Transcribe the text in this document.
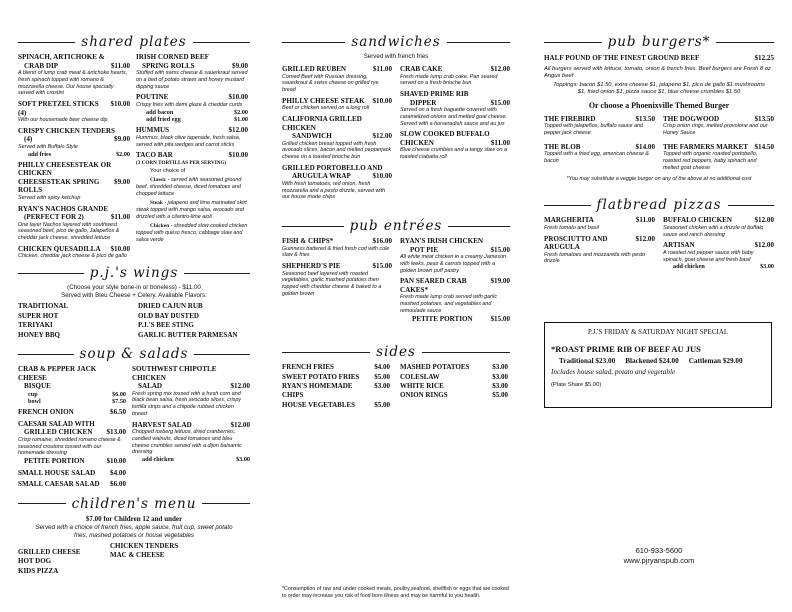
shared plates
SPINACH, ARTICHOKE &
CRAB DIP	$11.00
A blend of lump crab meat & artichoke hearts, fresh spinach topped with romano & mozzarella cheese. Our house specialty served with crostini
SOFT PRETZEL STICKS (4)
$10.00
With our housemade beer cheese dip
CRISPY CHICKEN TENDERS
(4)	$9.00
Served with Buffalo Style
add fries	$2.00
PHILLY CHEESESTEAK OR CHICKEN
CHEESESTEAK SPRING ROLLS
$9.00
Served with spicy ketchup
RYAN'S NACHOS GRANDE
(PERFECT FOR 2)	$11.00
One layer Nachos layered with southwest seasoned beef, pico de gallo, Jalapeños & cheddar jack cheese, shredded lettuce
CHICKEN QUESADILLA $10.00
Chicken, cheddar jack cheese & pico de gallo
IRISH CORNED BEEF
SPRING ROLLS	$9.00
Stuffed with swiss cheese & sauerkraut served on a bed of potato straws and honey mustard dipping sauce
POUTINE	$10.00
Crispy fries with demi glaze & cheddar curds
add bacon	$2.00
add fried egg	$1.00
HUMMUS	$12.00
Hummus, black olive tapenade, fresh salsa, served with pita wedges and carrot sticks
TACO BAR	$10.00
(3 CORN TORTILLAS PER SERVING)
Your choice of
Classic - served with seasoned ground beef, shredded cheese, diced tomatoes and chopped lettuce
Steak - jalapeno and lime marinated skirt steak topped with mango salsa, avocado and drizzled with a cilantro-lime aioli
Chicken - shredded slow cooked chicken topped with queso fresco, cabbage slaw and salsa verde
p.j.'s wings
(Choose your style bone-in or boneless) - $11.00
Served with Bleu Cheese + Celery. Available Flavors:
TRADITIONAL
SUPER HOT
TERIYAKI
HONEY BBQ
DRIED CAJUN RUB
OLD BAY DUSTED
P.J.'S BEE STING
GARLIC BUTTER PARMESAN
soup & salads
CRAB & PEPPER JACK CHEESE
BISQUE
cup	$6.00
bowl	$7.50
FRENCH ONION	$6.50
CAESAR SALAD WITH
GRILLED CHICKEN $13.00
Crisp romaine, shredded romano cheese & seasoned croutons tossed with our homemade dressing
PETITE PORTION	$10.00
SMALL HOUSE SALAD $4.00
SMALL CAESAR SALAD $6.00
SOUTHWEST CHIPOTLE CHICKEN
SALAD	$12.00
Fresh spring mix tossed with a fresh corn and black bean salsa, fresh avocado slices, crispy tortilla strips and a chipotle rubbed chicken breast
HARVEST SALAD	$12.00
Chopped iceberg lettuce, dried cranberries, candied walnuts, diced tomatoes and bleu cheese crumbles served with a dijon balsamic dressing
add chicken	$3.00
children's menu
$7.00 for Children 12 and under
Served with a choice of french fries, apple sauce, fruit cup, sweet potato fries, mashed potatoes or house vegetables
GRILLED CHEESE
HOT DOG
KIDS PIZZA
CHICKEN TENDERS
MAC & CHEESE
sandwiches
Served with french fries
GRILLED REUBEN	$11.00
Corned Beef with Russian dressing, sauerkraut & swiss cheese on grilled rye bread
PHILLY CHEESE STEAK $10.00
Beef or chicken served on a long roll
CALIFORNIA GRILLED CHICKEN
SANDWICH	$12.00
Grilled chicken breast topped with fresh avocado slices, bacon and melted pepperjack cheese on a toasted brioche bun
GRILLED PORTOBELLO AND
ARUGULA WRAP	$10.00
With fresh tomatoes, red onion, fresh mozzarella and a pesto drizzle, served with our house made chips
CRAB CAKE	$12.00
Fresh made lump crab cake. Pan seared served on a fresh brioche bun
SHAVED PRIME RIB
DIPPER	$15.00
Served on a fresh baguette covered with caramelized onions and melted goat cheese. Served with a horseradish sauce and au jus
SLOW COOKED BUFFALO
CHICKEN	$11.00
Blue cheese crumbles and a tangy slaw on a toasted ciabatta roll
pub entrées
FISH & CHIPS*	$16.00
Guinness battered & fried fresh cod with cole slaw & fries
SHEPHERD'S PIE	$15.00
Seasoned beef layered with roasted vegetables, garlic mashed potatoes then topped with cheddar cheese & baked to a golden brown
RYAN'S IRISH CHICKEN
POT PIE	$15.00
All white meat chicken in a creamy Jameson with leeks, peas & carrots topped with a golden brown puff pastry
PAN SEARED CRAB CAKES*
$19.00
Fresh made lump crab served with garlic mashed potatoes, and vegetables and remoulade sauce
PETITE PORTION	$15.00
sides
FRENCH FRIES	$4.00
SWEET POTATO FRIES $5.00
RYAN'S HOMEMADE CHIPS
$3.00
HOUSE VEGETABLES	$5.00
MASHED POTATOES	$3.00
COLESLAW	$3.00
WHITE RICE	$3.00
ONION RINGS	$5.00
*Consumption of raw and under cooked meats, poultry,seafood, shellfish or eggs that are cooked to order may increase you risk of food born illness and may be harmful to you health.
pub burgers*
HALF POUND OF THE FINEST GROUND BEEF	$12.25
All burgers served with lettuce, tomato, onion & french fries. Beef burgers are Fresh 8 oz Angus beef
Toppings: bacon $1.50, extra cheese $1, jalapeno $1, pico de gallo $1 mushrooms $1, fried onion $1, pizza sauce $1, blue cheese crumbles $1.50
Or choose a Phoenixville Themed Burger
THE FIREBIRD	$13.50
Topped with jalapeños, buffalo sauce and pepper jack cheese
THE BLOB	$14.00
Topped with a fried egg, american cheese & bacon
THE DOGWOOD	$13.50
Crisp onion rings, melted provolone and our Honey Sauce
THE FARMERS MARKET $14.50
Topped with organic roasted portobello, roasted red peppers, baby spinach and melted goat cheese
*You may substitute a veggie burger on any of the above at no additional cost
flatbread pizzas
MARGHERITA	$11.00
Fresh tomato and basil
PROSCIUTTO AND ARUGULA
$12.00
Fresh tomatoes and mozzarella with pesto drizzle
BUFFALO CHICKEN	$12.00
Seasoned chicken with a drizzle of buffalo sauce and ranch dressing
ARTISAN	$12.00
A roasted red pepper sauce with baby spinach, goat cheese and fresh basil
add chicken	$3.00
P.J.'S FRIDAY & SATURDAY NIGHT SPECIAL
*ROAST PRIME RIB OF BEEF AU JUS
Traditional $23.00 Blackened $24.00 Cattleman $29.00
Includes house salad, potato and vegetable
(Plate Share $5.00)
610-933-5600
www.pjryanspub.com
